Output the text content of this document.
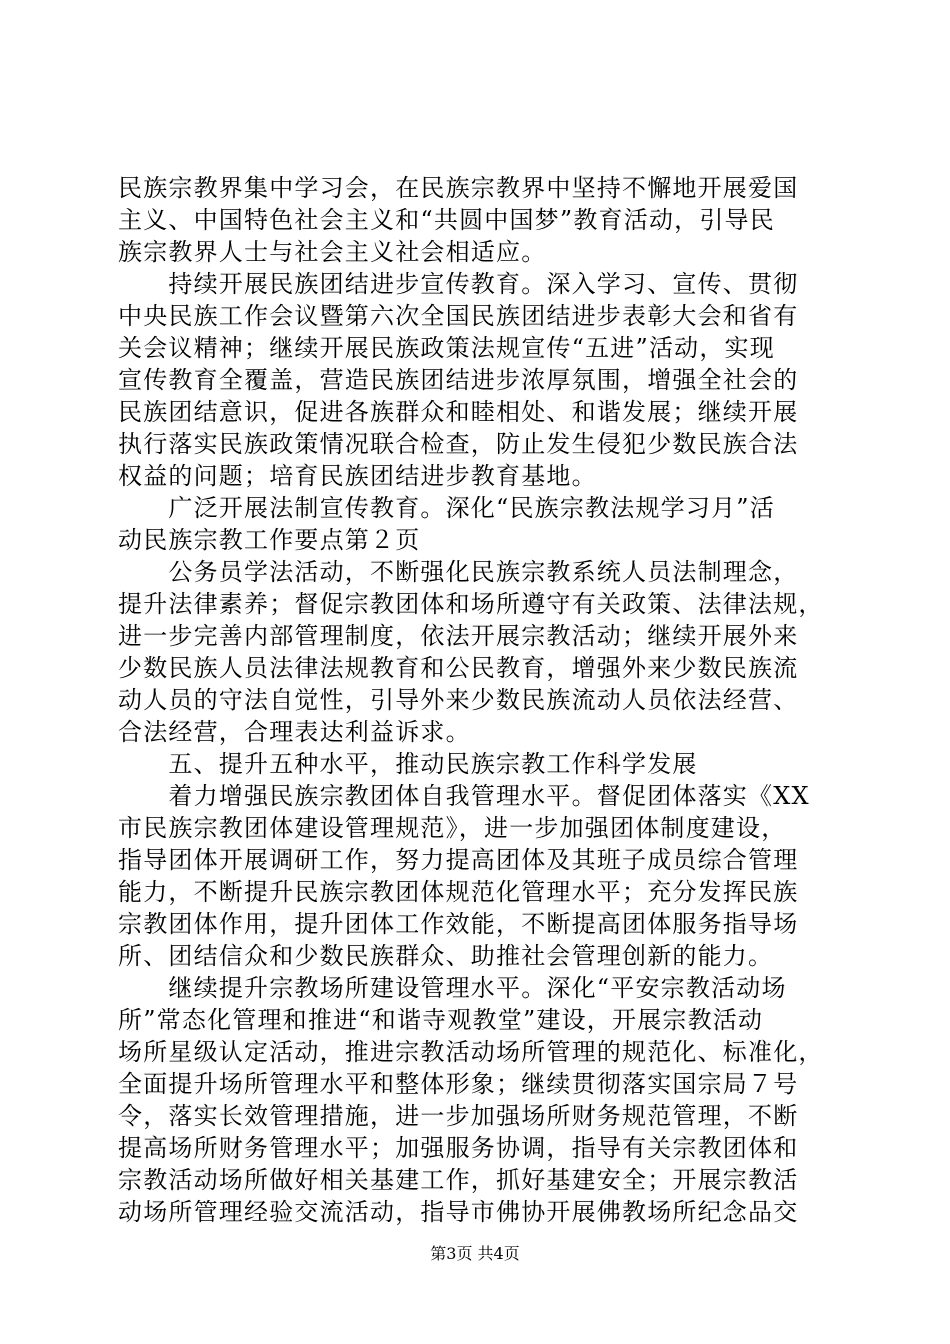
民族宗教界集中学习会，在民族宗教界中坚持不懈地开展爱国
主义、中国特色社会主义和“共圆中国梦”教育活动，引导民
族宗教界人士与社会主义社会相适应。
　　持续开展民族团结进步宣传教育。深入学习、宣传、贯彻
中央民族工作会议暨第六次全国民族团结进步表彰大会和省有
关会议精神；继续开展民族政策法规宣传“五进”活动，实现
宣传教育全覆盖，营造民族团结进步浓厚氛围，增强全社会的
民族团结意识，促进各族群众和睦相处、和谐发展；继续开展
执行落实民族政策情况联合检查，防止发生侵犯少数民族合法
权益的问题；培育民族团结进步教育基地。
　　广泛开展法制宣传教育。深化“民族宗教法规学习月”活
动民族宗教工作要点第２页
　　公务员学法活动，不断强化民族宗教系统人员法制理念，
提升法律素养；督促宗教团体和场所遵守有关政策、法律法规，
进一步完善内部管理制度，依法开展宗教活动；继续开展外来
少数民族人员法律法规教育和公民教育，增强外来少数民族流
动人员的守法自觉性，引导外来少数民族流动人员依法经营、
合法经营，合理表达利益诉求。
　　五、提升五种水平，推动民族宗教工作科学发展
　　着力增强民族宗教团体自我管理水平。督促团体落实《XX
市民族宗教团体建设管理规范》，进一步加强团体制度建设，
指导团体开展调研工作，努力提高团体及其班子成员综合管理
能力，不断提升民族宗教团体规范化管理水平；充分发挥民族
宗教团体作用，提升团体工作效能，不断提高团体服务指导场
所、团结信众和少数民族群众、助推社会管理创新的能力。
　　继续提升宗教场所建设管理水平。深化“平安宗教活动场
所”常态化管理和推进“和谐寺观教堂”建设，开展宗教活动
场所星级认定活动，推进宗教活动场所管理的规范化、标准化，
全面提升场所管理水平和整体形象；继续贯彻落实国宗局７号
令，落实长效管理措施，进一步加强场所财务规范管理，不断
提高场所财务管理水平；加强服务协调，指导有关宗教团体和
宗教活动场所做好相关基建工作，抓好基建安全；开展宗教活
动场所管理经验交流活动，指导市佛协开展佛教场所纪念品交
第3页 共4页
